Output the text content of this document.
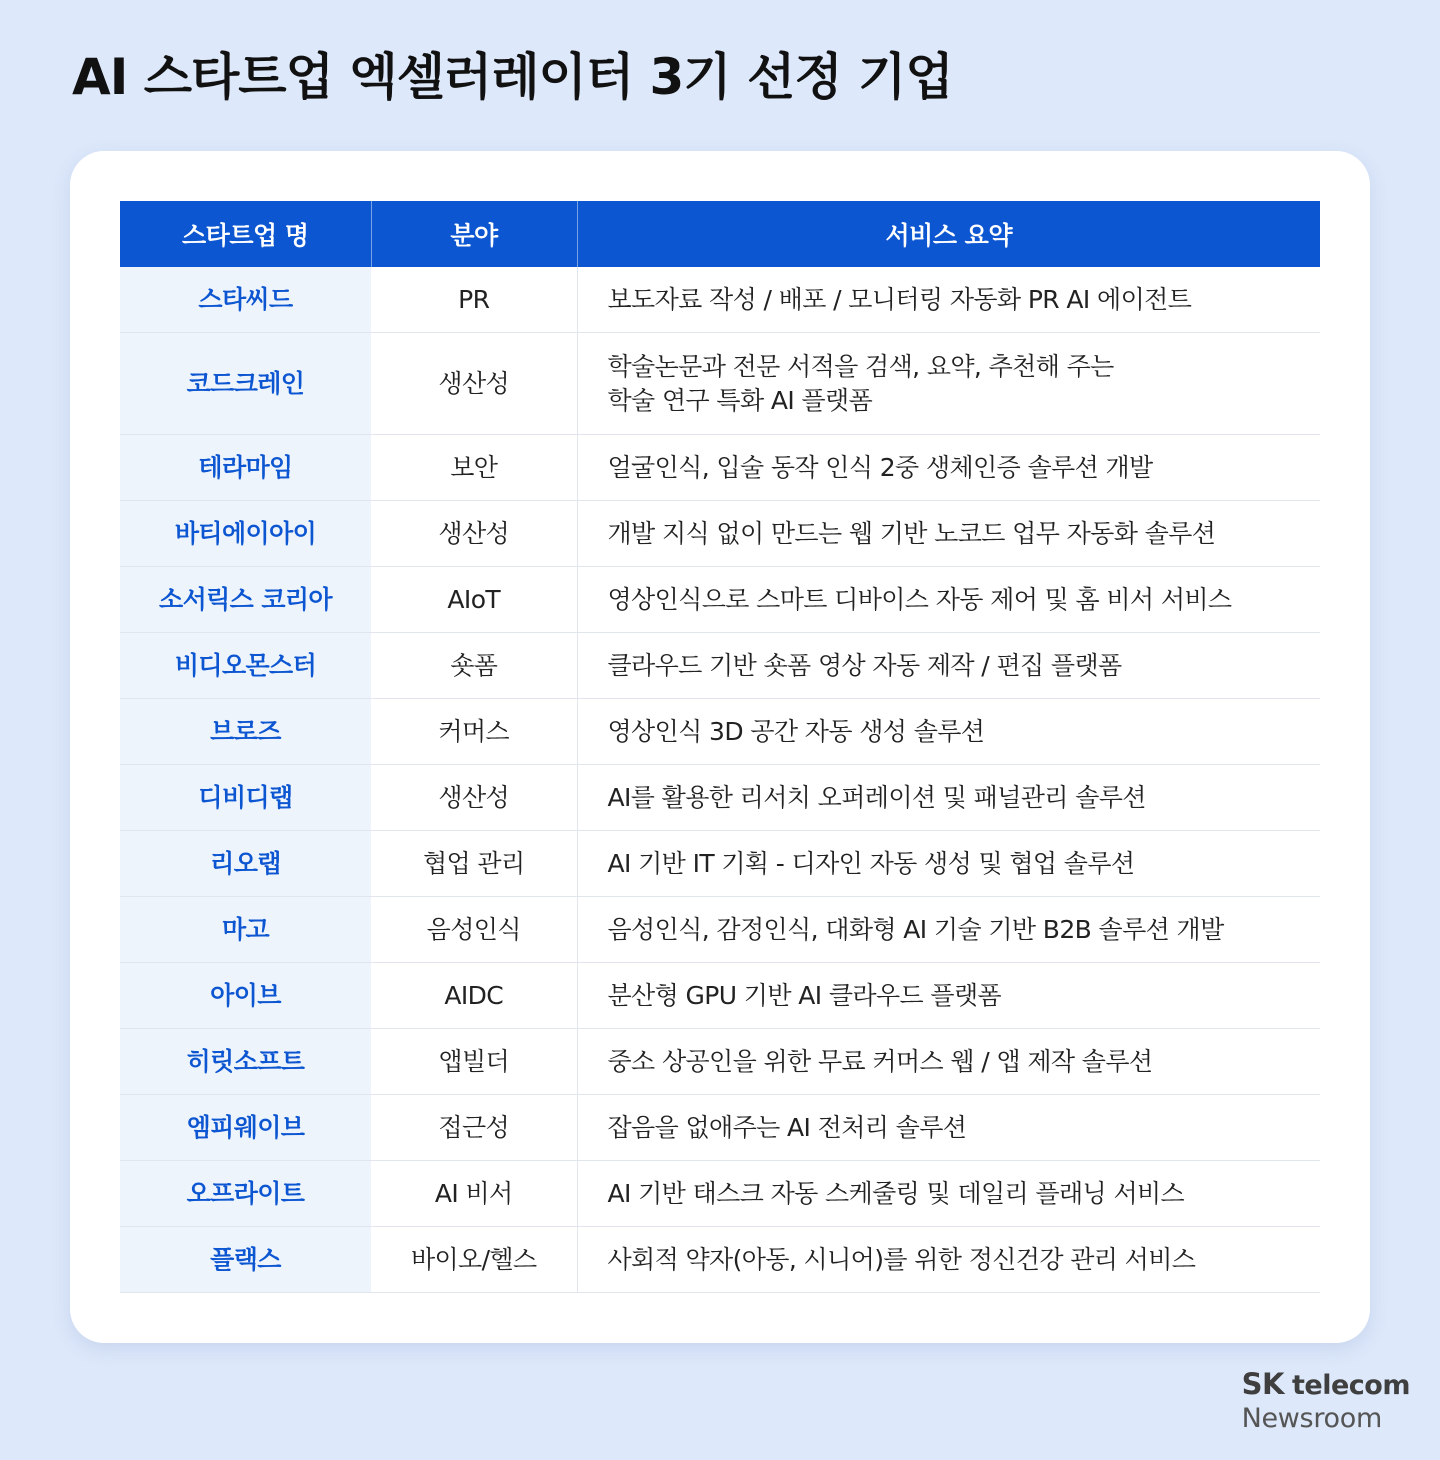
AI 스타트업 엑셀러레이터 3기 선정 기업
스타트업 명	분야	서비스 요약
스타씨드	PR	보도자료 작성 / 배포 / 모니터링 자동화 PR AI 에이전트
코드크레인	생산성	학술논문과 전문 서적을 검색, 요약, 추천해 주는
학술 연구 특화 AI 플랫폼
테라마임	보안	얼굴인식, 입술 동작 인식 2중 생체인증 솔루션 개발
바티에이아이	생산성	개발 지식 없이 만드는 웹 기반 노코드 업무 자동화 솔루션
소서릭스 코리아	AIoT	영상인식으로 스마트 디바이스 자동 제어 및 홈 비서 서비스
비디오몬스터	숏폼	클라우드 기반 숏폼 영상 자동 제작 / 편집 플랫폼
브로즈	커머스	영상인식 3D 공간 자동 생성 솔루션
디비디랩	생산성	AI를 활용한 리서치 오퍼레이션 및 패널관리 솔루션
리오랩	협업 관리	AI 기반 IT 기획 - 디자인 자동 생성 및 협업 솔루션
마고	음성인식	음성인식, 감정인식, 대화형 AI 기술 기반 B2B 솔루션 개발
아이브	AIDC	분산형 GPU 기반 AI 클라우드 플랫폼
히릿소프트	앱빌더	중소 상공인을 위한 무료 커머스 웹 / 앱 제작 솔루션
엠피웨이브	접근성	잡음을 없애주는 AI 전처리 솔루션
오프라이트	AI 비서	AI 기반 태스크 자동 스케줄링 및 데일리 플래닝 서비스
플랙스	바이오/헬스	사회적 약자(아동, 시니어)를 위한 정신건강 관리 서비스
SK telecom
Newsroom
